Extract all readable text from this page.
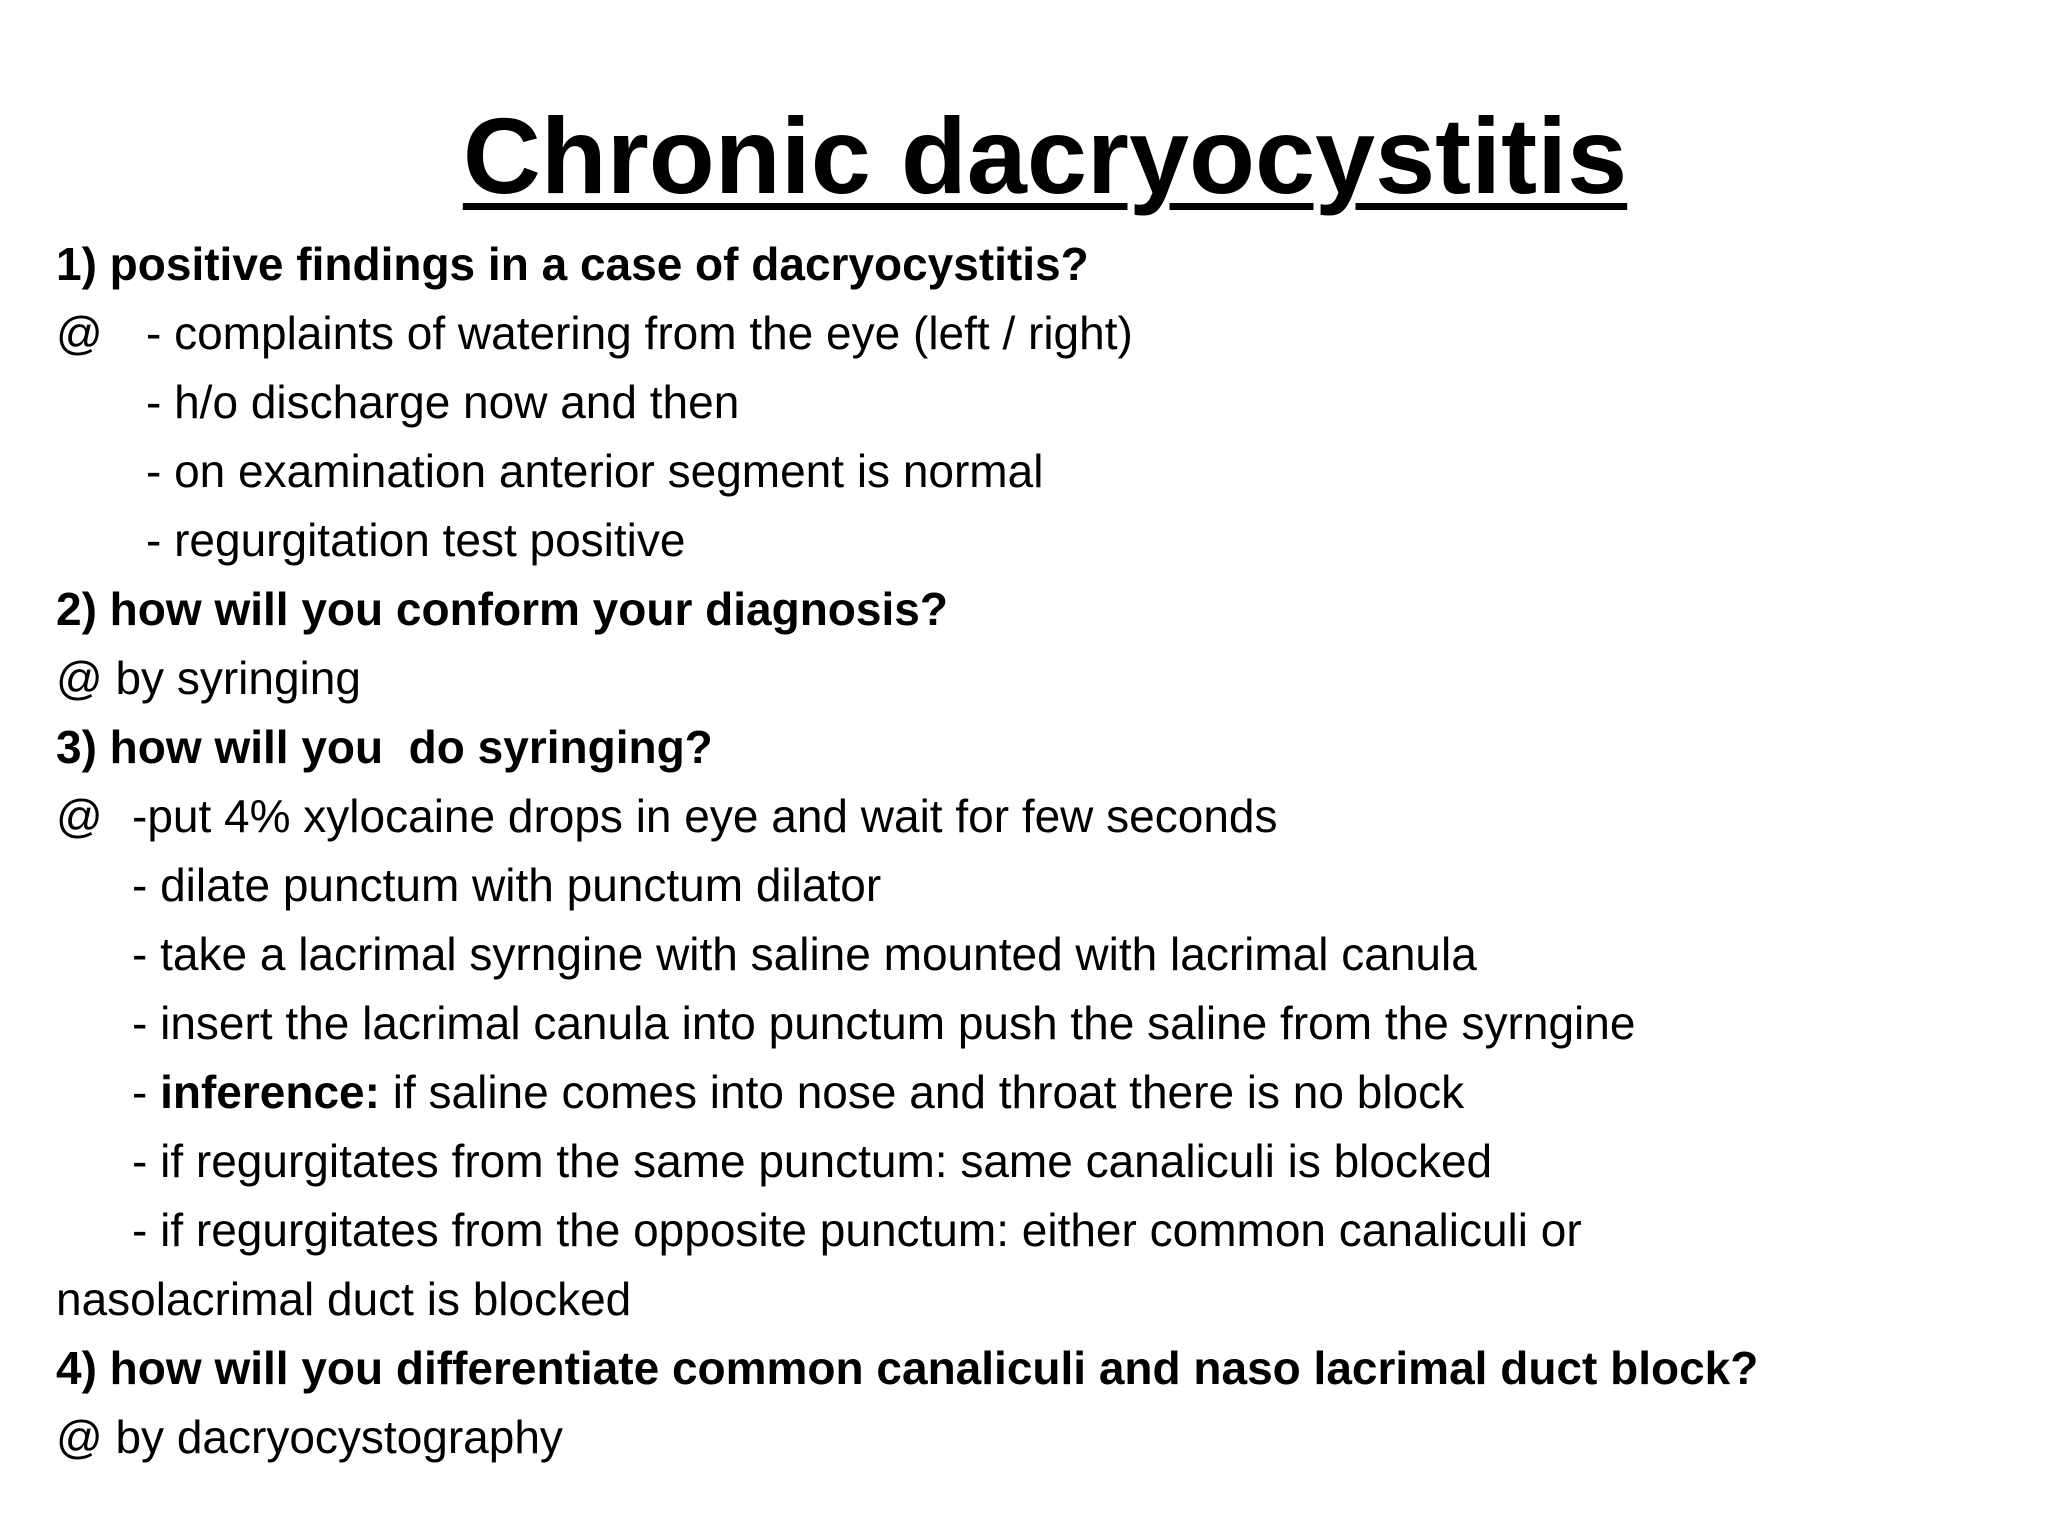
Chronic dacryocystitis

1) positive findings in a case of dacryocystitis?

@ - complaints of watering from the eye (left / right)

- h/o discharge now and then

- on examination anterior segment is normal

- regurgitation test positive

2) how will you conform your diagnosis?

@ by syringing

3) how will you  do syringing?

@ -put 4% xylocaine drops in eye and wait for few seconds

- dilate punctum with punctum dilator

- take a lacrimal syrngine with saline mounted with lacrimal canula

- insert the lacrimal canula into punctum push the saline from the syrngine

- inference: if saline comes into nose and throat there is no block

- if regurgitates from the same punctum: same canaliculi is blocked

- if regurgitates from the opposite punctum: either common canaliculi or

nasolacrimal duct is blocked

4) how will you differentiate common canaliculi and naso lacrimal duct block?

@ by dacryocystography
